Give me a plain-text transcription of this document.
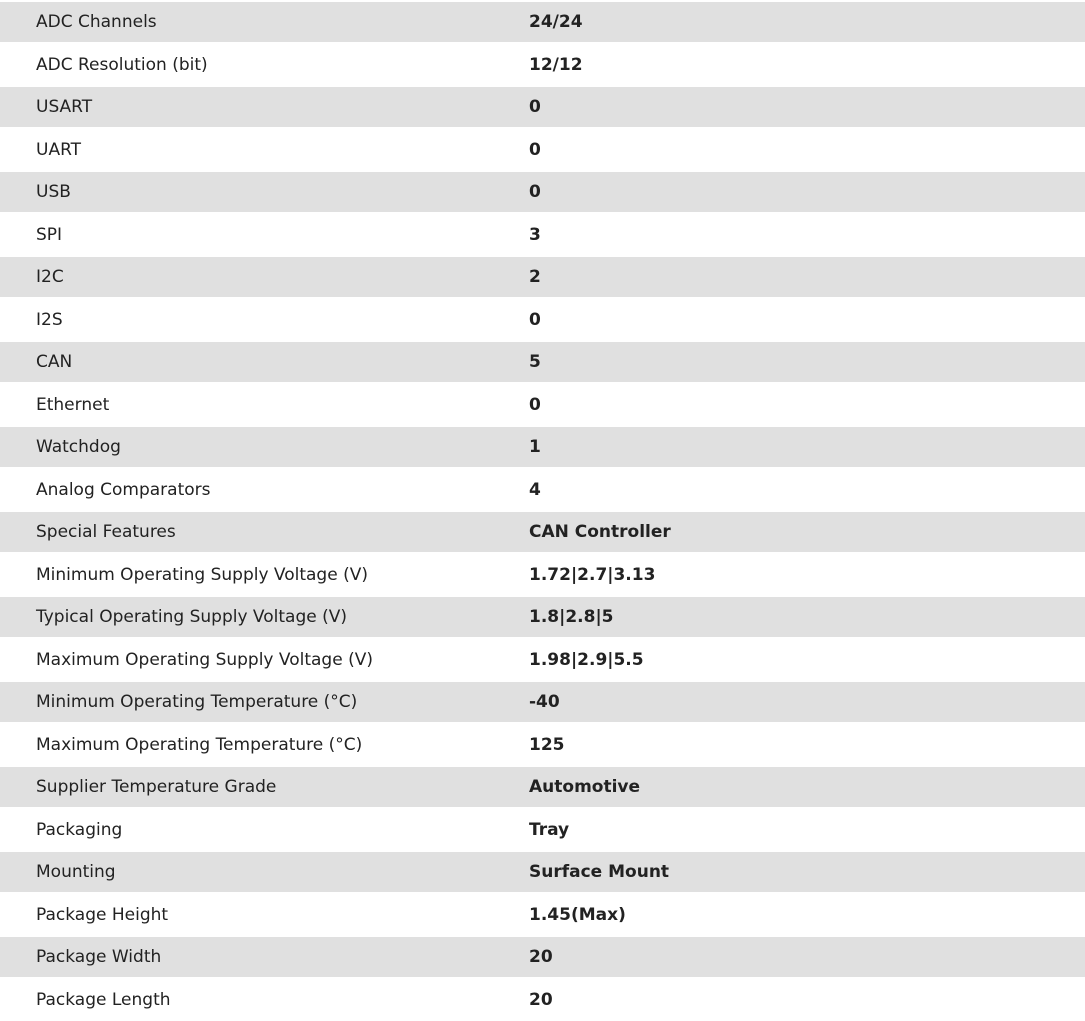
ADC Channels	24/24
ADC Resolution (bit)	12/12
USART	0
UART	0
USB	0
SPI	3
I2C	2
I2S	0
CAN	5
Ethernet	0
Watchdog	1
Analog Comparators	4
Special Features	CAN Controller
Minimum Operating Supply Voltage (V)	1.72|2.7|3.13
Typical Operating Supply Voltage (V)	1.8|2.8|5
Maximum Operating Supply Voltage (V)	1.98|2.9|5.5
Minimum Operating Temperature (°C)	-40
Maximum Operating Temperature (°C)	125
Supplier Temperature Grade	Automotive
Packaging	Tray
Mounting	Surface Mount
Package Height	1.45(Max)
Package Width	20
Package Length	20
